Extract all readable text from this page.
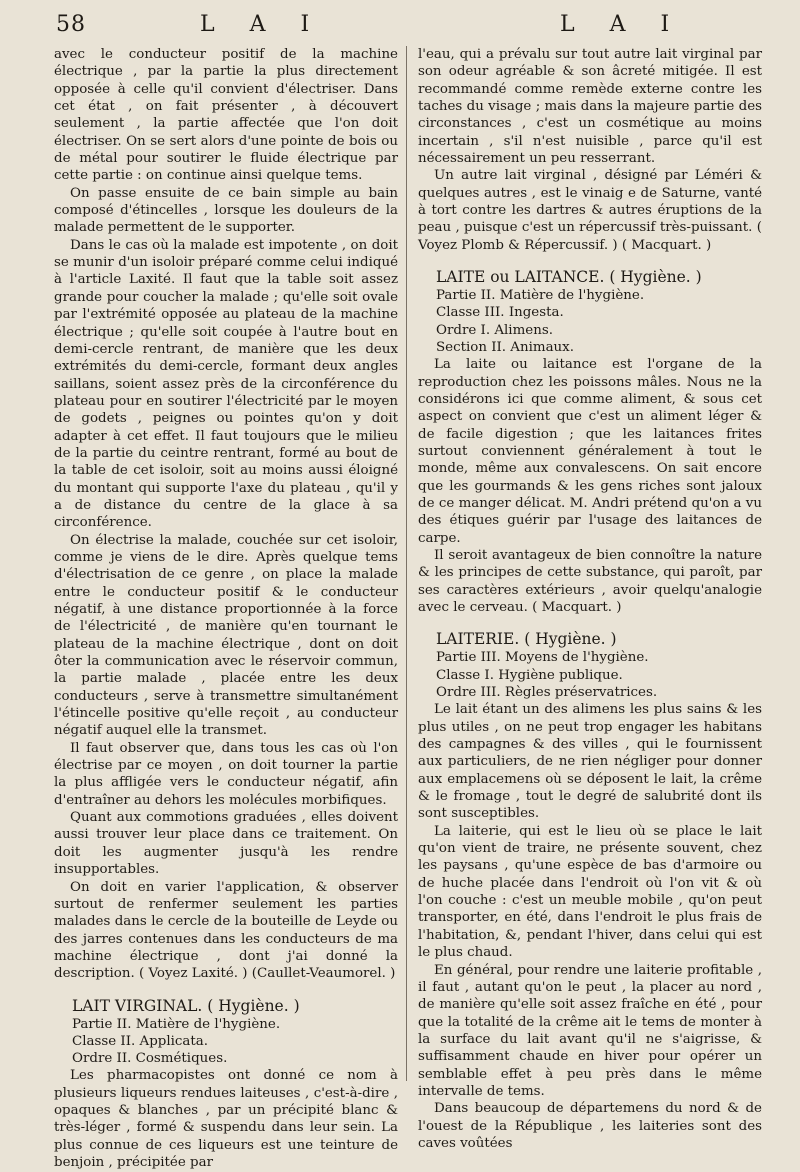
58	L A I	L A I

avec le conducteur positif de la machine électrique , par la partie la plus directement opposée à celle qu'il convient d'électriser. Dans cet état , on fait présenter , à découvert seulement , la partie affectée que l'on doit électriser. On se sert alors d'une pointe de bois ou de métal pour soutirer le fluide électrique par cette partie : on continue ainsi quelque tems.

On passe ensuite de ce bain simple au bain composé d'étincelles , lorsque les douleurs de la malade permettent de le supporter.

Dans le cas où la malade est impotente , on doit se munir d'un isoloir préparé comme celui indiqué à l'article Laxité. Il faut que la table soit assez grande pour coucher la malade ; qu'elle soit ovale par l'extrémité opposée au plateau de la machine électrique ; qu'elle soit coupée à l'autre bout en demi-cercle rentrant, de manière que les deux extrémités du demi-cercle, formant deux angles saillans, soient assez près de la circonférence du plateau pour en soutirer l'électricité par le moyen de godets , peignes ou pointes qu'on y doit adapter à cet effet. Il faut toujours que le milieu de la partie du ceintre rentrant, formé au bout de la table de cet isoloir, soit au moins aussi éloigné du montant qui supporte l'axe du plateau , qu'il y a de distance du centre de la glace à sa circonférence.

On électrise la malade, couchée sur cet isoloir, comme je viens de le dire. Après quelque tems d'électrisation de ce genre , on place la malade entre le conducteur positif & le conducteur négatif, à une distance proportionnée à la force de l'électricité , de manière qu'en tournant le plateau de la machine électrique , dont on doit ôter la communication avec le réservoir commun, la partie malade , placée entre les deux conducteurs , serve à transmettre simultanément l'étincelle positive qu'elle reçoit , au conducteur négatif auquel elle la transmet.

Il faut observer que, dans tous les cas où l'on électrise par ce moyen , on doit tourner la partie la plus affligée vers le conducteur négatif, afin d'entraîner au dehors les molécules morbifiques.

Quant aux commotions graduées , elles doivent aussi trouver leur place dans ce traitement. On doit les augmenter jusqu'à les rendre insupportables.

On doit en varier l'application, & observer surtout de renfermer seulement les parties malades dans le cercle de la bouteille de Leyde ou des jarres contenues dans les conducteurs de ma machine électrique , dont j'ai donné la description. ( Voyez Laxité. ) (Caullet-Veaumorel. )

LAIT VIRGINAL. ( Hygiène. )
Partie II. Matière de l'hygiène.
Classe II. Applicata.
Ordre II. Cosmétiques.

Les pharmacopistes ont donné ce nom à plusieurs liqueurs rendues laiteuses , c'est-à-dire , opaques & blanches , par un précipité blanc & très-léger , formé & suspendu dans leur sein. La plus connue de ces liqueurs est une teinture de benjoin , précipitée par

l'eau, qui a prévalu sur tout autre lait virginal par son odeur agréable & son âcreté mitigée. Il est recommandé comme remède externe contre les taches du visage ; mais dans la majeure partie des circonstances , c'est un cosmétique au moins incertain , s'il n'est nuisible , parce qu'il est nécessairement un peu resserrant.

Un autre lait virginal , désigné par Léméri & quelques autres , est le vinaig e de Saturne, vanté à tort contre les dartres & autres éruptions de la peau , puisque c'est un répercussif très-puissant. ( Voyez Plomb & Répercussif. ) ( Macquart. )

LAITE ou LAITANCE. ( Hygiène. )
Partie II. Matière de l'hygiène.
Classe III. Ingesta.
Ordre I. Alimens.
Section II. Animaux.

La laite ou laitance est l'organe de la reproduction chez les poissons mâles. Nous ne la considérons ici que comme aliment, & sous cet aspect on convient que c'est un aliment léger & de facile digestion ; que les laitances frites surtout conviennent généralement à tout le monde, même aux convalescens. On sait encore que les gourmands & les gens riches sont jaloux de ce manger délicat. M. Andri prétend qu'on a vu des étiques guérir par l'usage des laitances de carpe.

Il seroit avantageux de bien connoître la nature & les principes de cette substance, qui paroît, par ses caractères extérieurs , avoir quelqu'analogie avec le cerveau. ( Macquart. )

LAITERIE. ( Hygiène. )
Partie III. Moyens de l'hygiène.
Classe I. Hygiène publique.
Ordre III. Règles préservatrices.

Le lait étant un des alimens les plus sains & les plus utiles , on ne peut trop engager les habitans des campagnes & des villes , qui le fournissent aux particuliers, de ne rien négliger pour donner aux emplacemens où se déposent le lait, la crême & le fromage , tout le degré de salubrité dont ils sont susceptibles.

La laiterie, qui est le lieu où se place le lait qu'on vient de traire, ne présente souvent, chez les paysans , qu'une espèce de bas d'armoire ou de huche placée dans l'endroit où l'on vit & où l'on couche : c'est un meuble mobile , qu'on peut transporter, en été, dans l'endroit le plus frais de l'habitation, &, pendant l'hiver, dans celui qui est le plus chaud.

En général, pour rendre une laiterie profitable , il faut , autant qu'on le peut , la placer au nord , de manière qu'elle soit assez fraîche en été , pour que la totalité de la crême ait le tems de monter à la surface du lait avant qu'il ne s'aigrisse, & suffisamment chaude en hiver pour opérer un semblable effet à peu près dans le même intervalle de tems.

Dans beaucoup de départemens du nord & de l'ouest de la République , les laiteries sont des caves voûtées
